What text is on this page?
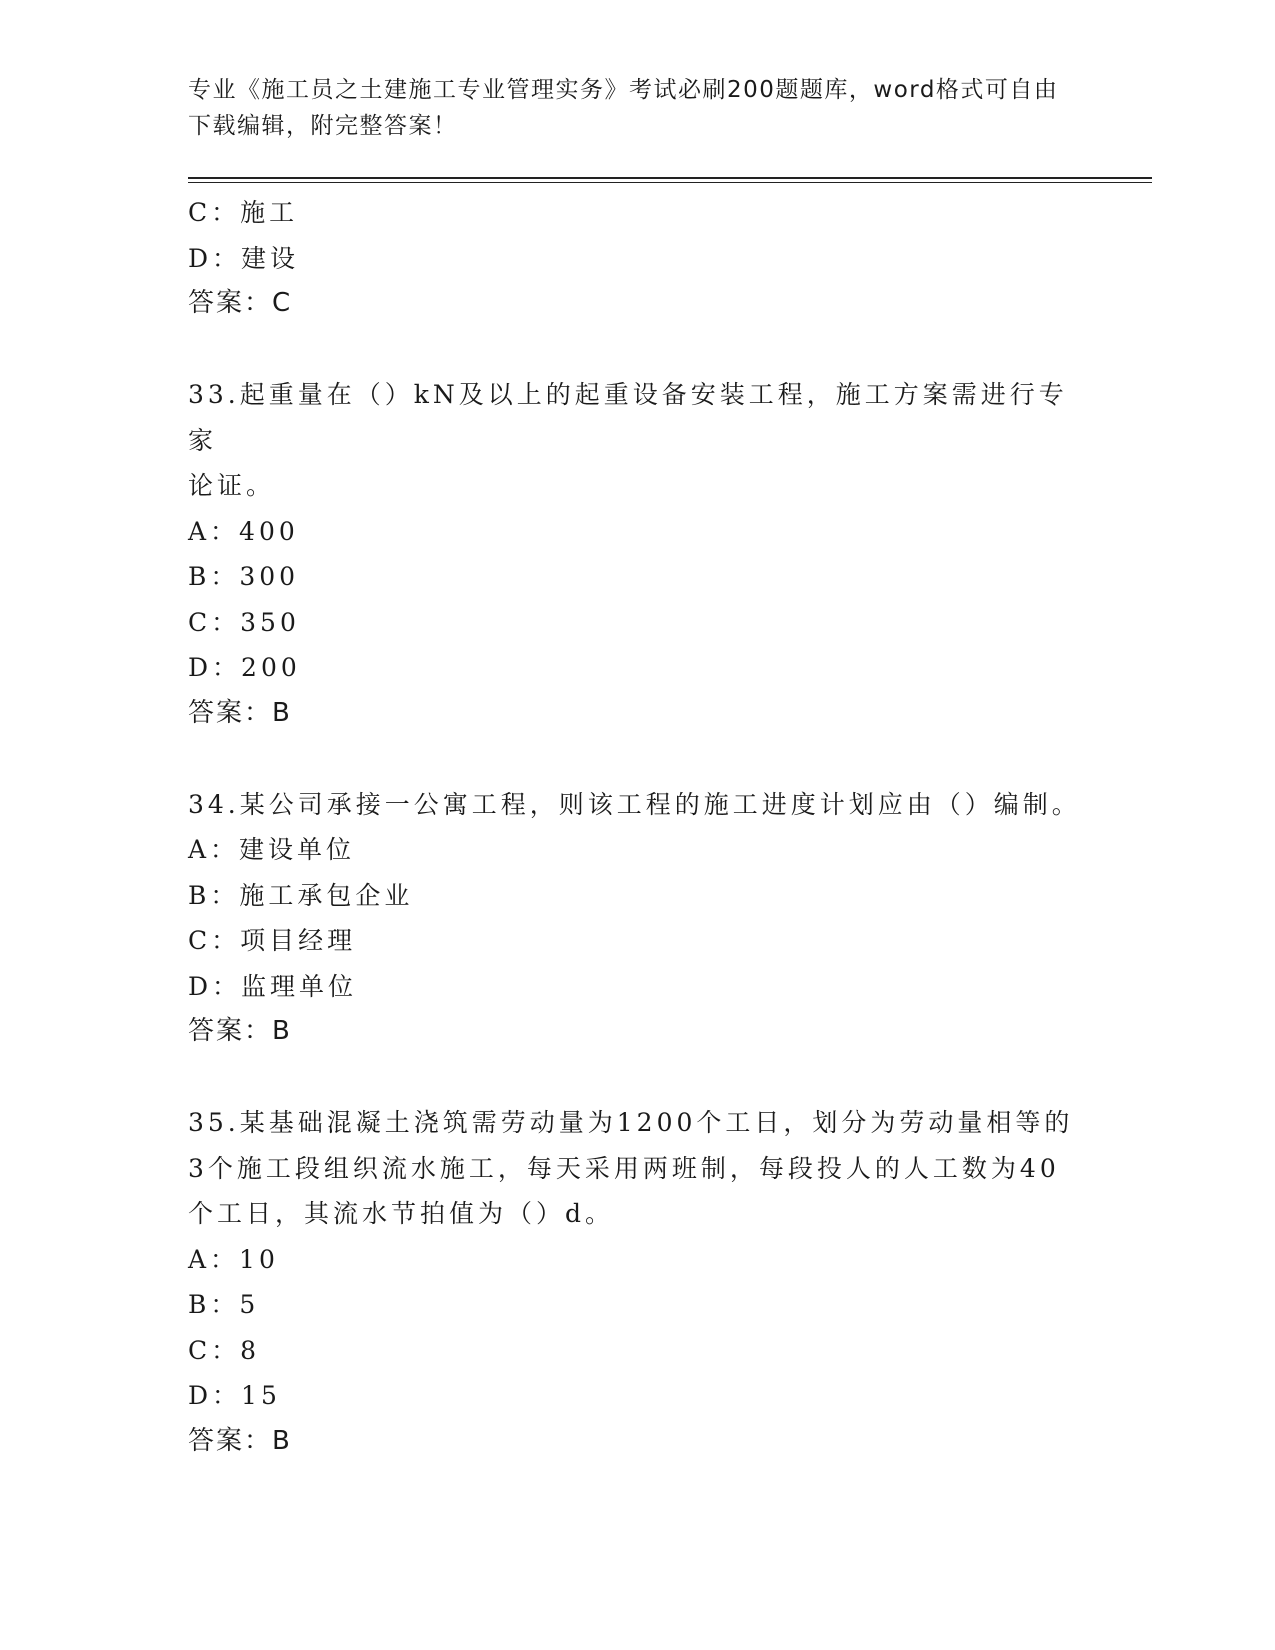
专业《施工员之土建施工专业管理实务》考试必刷200题题库，word格式可自由
下载编辑，附完整答案！
C：施工
D：建设
答案：C
33.起重量在（）kN及以上的起重设备安装工程，施工方案需进行专家
论证。
A：400
B：300
C：350
D：200
答案：B
34.某公司承接一公寓工程，则该工程的施工进度计划应由（）编制。
A：建设单位
B：施工承包企业
C：项目经理
D：监理单位
答案：B
35.某基础混凝土浇筑需劳动量为1200个工日，划分为劳动量相等的
3个施工段组织流水施工，每天采用两班制，每段投人的人工数为40
个工日，其流水节拍值为（）d。
A：10
B：5
C：8
D：15
答案：B
